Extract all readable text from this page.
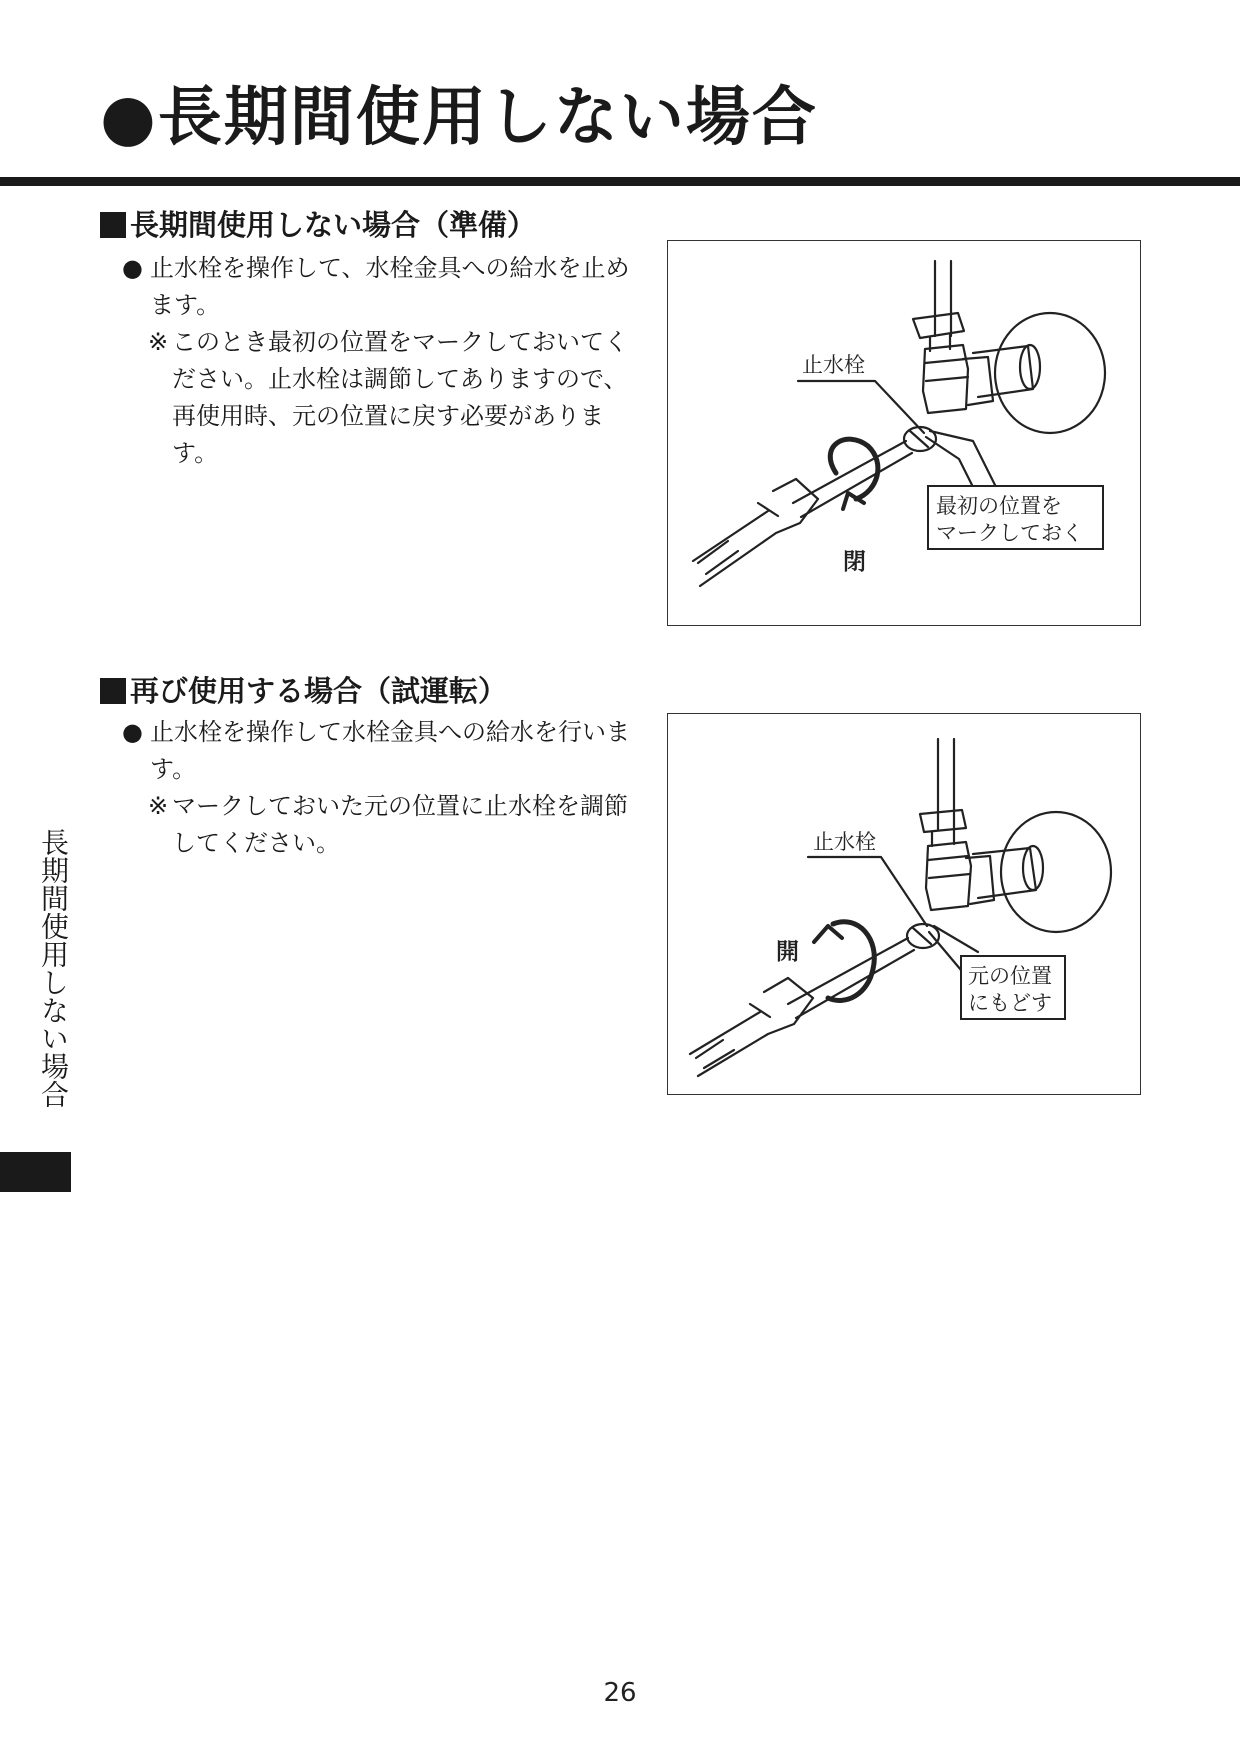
●長期間使用しない場合
長期間使用しない場合（準備）
● 止水栓を操作して、水栓金具への給水を止め
ます。
※ このとき最初の位置をマークしておいてく
ださい。止水栓は調節してありますので、
再使用時、元の位置に戻す必要がありま
す。
止水栓
最初の位置を
マークしておく
閉
再び使用する場合（試運転）
● 止水栓を操作して水栓金具への給水を行いま
す。
※ マークしておいた元の位置に止水栓を調節
してください。	止水栓
元の位置
にもどす
開
長期間使用しない場合
26
